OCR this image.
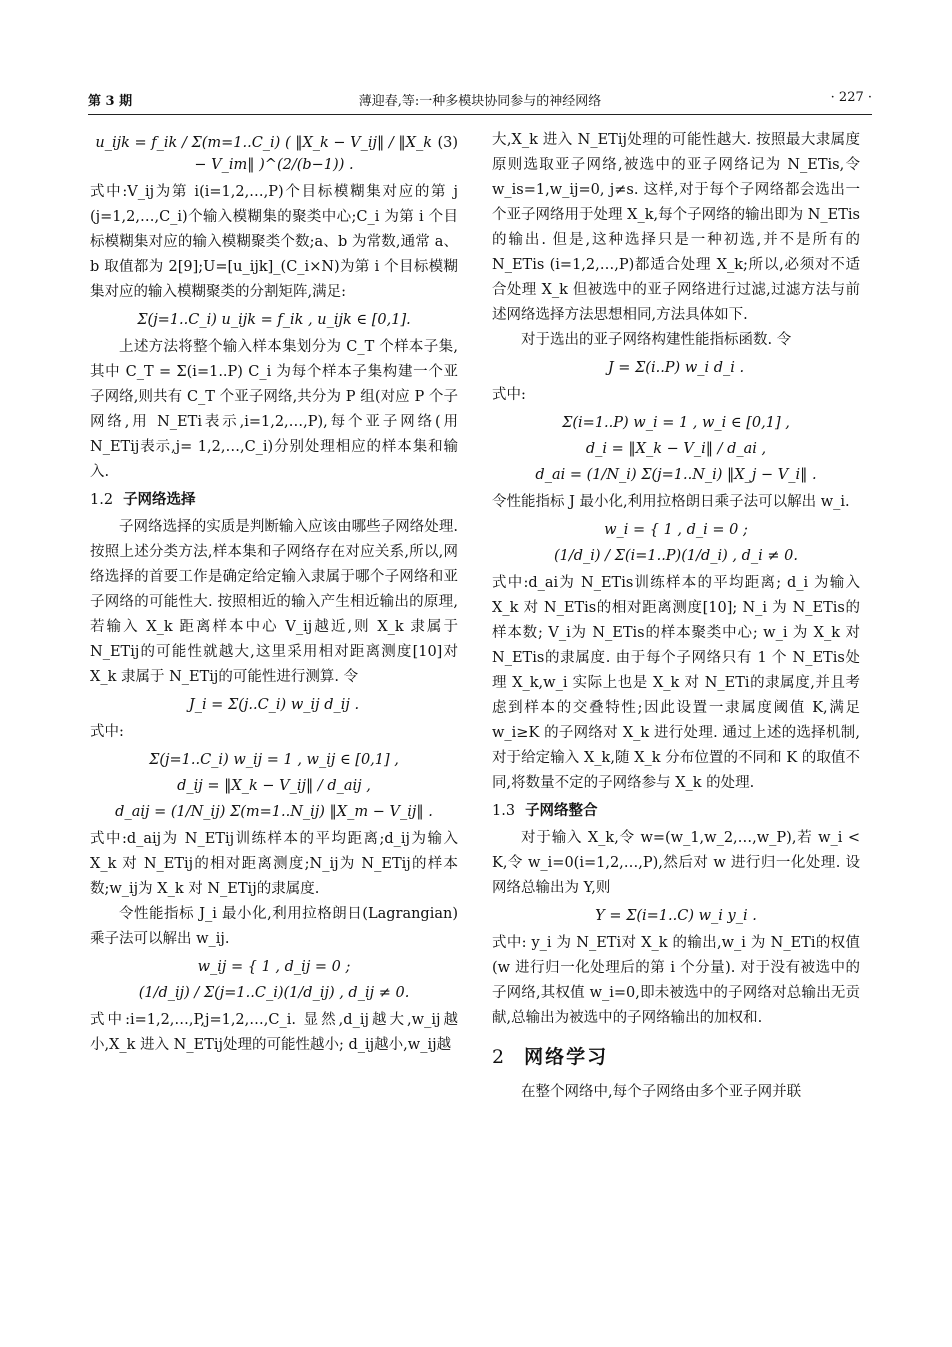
第 3 期	薄迎春,等:一种多模块协同参与的神经网络	· 227 ·
(3)
u_ijk = f_ik / Σ(m=1..C_i) ( ‖X_k − V_ij‖ / ‖X_k − V_im‖ )^(2/(b−1)) .

式中:V_ij为第 i(i=1,2,…,P)个目标模糊集对应的第 j (j=1,2,…,C_i)个输入模糊集的聚类中心;C_i 为第 i 个目标模糊集对应的输入模糊聚类个数;a、b 为常数,通常 a、b 取值都为 2[9];U=[u_ijk]_(C_i×N)为第 i 个目标模糊集对应的输入模糊聚类的分割矩阵,满足:

Σ(j=1..C_i) u_ijk = f_ik , u_ijk ∈ [0,1].

上述方法将整个输入样本集划分为 C_T 个样本子集,其中 C_T = Σ(i=1..P) C_i 为每个样本子集构建一个亚子网络,则共有 C_T 个亚子网络,共分为 P 组(对应 P 个子网络,用 N_ETi表示,i=1,2,…,P),每个亚子网络(用 N_ETij表示,j= 1,2,…,C_i)分别处理相应的样本集和输入.

1.2 子网络选择

子网络选择的实质是判断输入应该由哪些子网络处理. 按照上述分类方法,样本集和子网络存在对应关系,所以,网络选择的首要工作是确定给定输入隶属于哪个子网络和亚子网络的可能性大. 按照相近的输入产生相近输出的原理,若输入 X_k 距离样本中心 V_ij越近,则 X_k 隶属于 N_ETij的可能性就越大,这里采用相对距离测度[10]对 X_k 隶属于 N_ETij的可能性进行测算. 令

J_i = Σ(j..C_i) w_ij d_ij .

式中:

Σ(j=1..C_i) w_ij = 1 , w_ij ∈ [0,1] ,
d_ij = ‖X_k − V_ij‖ / d_aij ,
d_aij = (1/N_ij) Σ(m=1..N_ij) ‖X_m − V_ij‖ .

式中:d_aij为 N_ETij训练样本的平均距离;d_ij为输入 X_k 对 N_ETij的相对距离测度;N_ij为 N_ETij的样本数;w_ij为 X_k 对 N_ETij的隶属度.

令性能指标 J_i 最小化,利用拉格朗日(Lagrangian)乘子法可以解出 w_ij.

w_ij = { 1 , d_ij = 0 ;
(1/d_ij) / Σ(j=1..C_i)(1/d_ij) , d_ij ≠ 0.

式中:i=1,2,…,P,j=1,2,…,C_i. 显然,d_ij越大,w_ij越小,X_k 进入 N_ETij处理的可能性越小; d_ij越小,w_ij越

大,X_k 进入 N_ETij处理的可能性越大. 按照最大隶属度原则选取亚子网络,被选中的亚子网络记为 N_ETis,令 w_is=1,w_ij=0, j≠s. 这样,对于每个子网络都会选出一个亚子网络用于处理 X_k,每个子网络的输出即为 N_ETis的输出. 但是,这种选择只是一种初选,并不是所有的 N_ETis (i=1,2,…,P)都适合处理 X_k;所以,必须对不适合处理 X_k 但被选中的亚子网络进行过滤,过滤方法与前述网络选择方法思想相同,方法具体如下.

对于选出的亚子网络构建性能指标函数. 令

J = Σ(i..P) w_i d_i .

式中:

Σ(i=1..P) w_i = 1 , w_i ∈ [0,1] ,
d_i = ‖X_k − V_i‖ / d_ai ,
d_ai = (1/N_i) Σ(j=1..N_i) ‖X_j − V_i‖ .

令性能指标 J 最小化,利用拉格朗日乘子法可以解出 w_i.

w_i = { 1 , d_i = 0 ;
(1/d_i) / Σ(i=1..P)(1/d_i) , d_i ≠ 0.

式中:d_ai为 N_ETis训练样本的平均距离; d_i 为输入 X_k 对 N_ETis的相对距离测度[10]; N_i 为 N_ETis的样本数; V_i为 N_ETis的样本聚类中心; w_i 为 X_k 对 N_ETis的隶属度. 由于每个子网络只有 1 个 N_ETis处理 X_k,w_i 实际上也是 X_k 对 N_ETi的隶属度,并且考虑到样本的交叠特性;因此设置一隶属度阈值 K,满足 w_i≥K 的子网络对 X_k 进行处理. 通过上述的选择机制,对于给定输入 X_k,随 X_k 分布位置的不同和 K 的取值不同,将数量不定的子网络参与 X_k 的处理.

1.3 子网络整合

对于输入 X_k,令 w=(w_1,w_2,…,w_P),若 w_i < K,令 w_i=0(i=1,2,…,P),然后对 w 进行归一化处理. 设网络总输出为 Y,则

Y = Σ(i=1..C) w_i y_i .

式中: y_i 为 N_ETi对 X_k 的输出,w_i 为 N_ETi的权值(w 进行归一化处理后的第 i 个分量). 对于没有被选中的子网络,其权值 w_i=0,即未被选中的子网络对总输出无贡献,总输出为被选中的子网络输出的加权和.

2 网络学习

在整个网络中,每个子网络由多个亚子网并联
